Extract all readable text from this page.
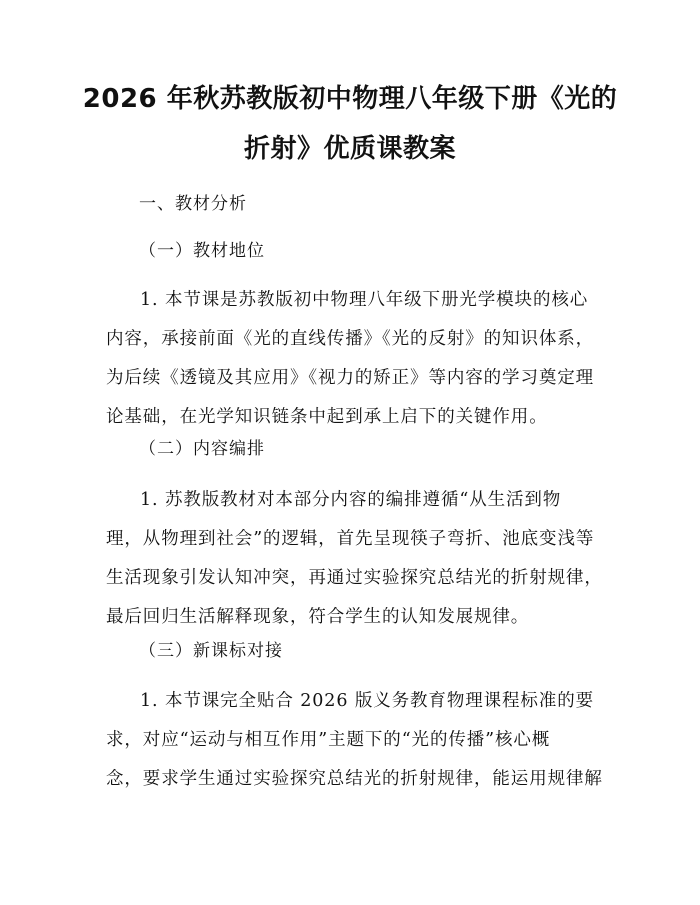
2026 年秋苏教版初中物理八年级下册《光的
折射》优质课教案
一、教材分析
（一）教材地位
1. 本节课是苏教版初中物理八年级下册光学模块的核心
内容，承接前面《光的直线传播》《光的反射》的知识体系，
为后续《透镜及其应用》《视力的矫正》等内容的学习奠定理
论基础，在光学知识链条中起到承上启下的关键作用。
（二）内容编排
1. 苏教版教材对本部分内容的编排遵循“从生活到物
理，从物理到社会”的逻辑，首先呈现筷子弯折、池底变浅等
生活现象引发认知冲突，再通过实验探究总结光的折射规律，
最后回归生活解释现象，符合学生的认知发展规律。
（三）新课标对接
1. 本节课完全贴合 2026 版义务教育物理课程标准的要
求，对应“运动与相互作用”主题下的“光的传播”核心概
念，要求学生通过实验探究总结光的折射规律，能运用规律解
